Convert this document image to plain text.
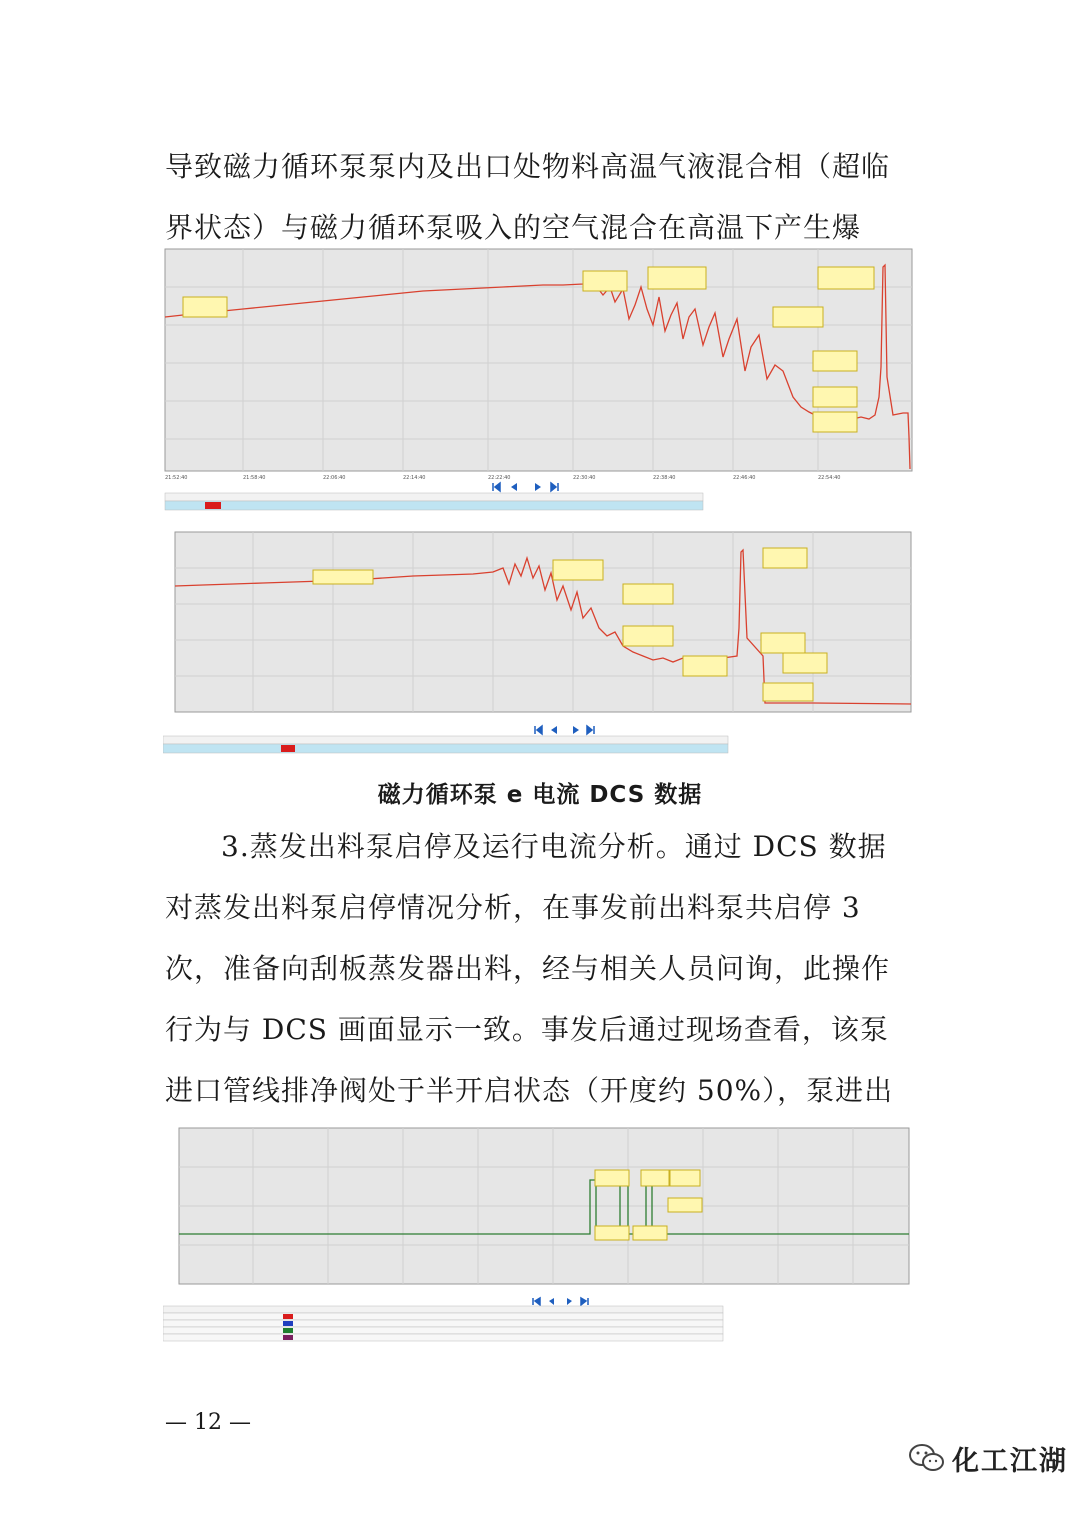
导致磁力循环泵泵内及出口处物料高温气液混合相（超临界状态）与磁力循环泵吸入的空气混合在高温下产生爆

21:52:40	21:58:40	22:06:40	22:14:40	22:22:40	22:30:40	22:38:40	22:46:40	22:54:40
磁力循环泵 e 电流 DCS 数据

3.蒸发出料泵启停及运行电流分析。通过 DCS 数据对蒸发出料泵启停情况分析，在事发前出料泵共启停 3 次，准备向刮板蒸发器出料，经与相关人员问询，此操作行为与 DCS 画面显示一致。事发后通过现场查看，该泵进口管线排净阀处于半开启状态（开度约 50%），泵进出

— 12 —
化工江湖
